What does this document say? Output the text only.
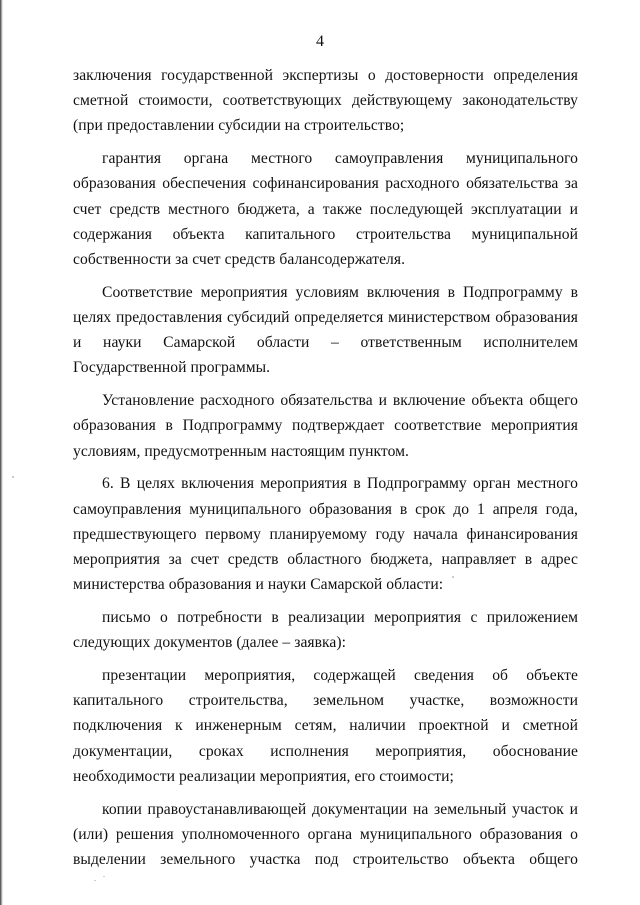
4

заключения государственной экспертизы о достоверности определения сметной стоимости, соответствующих действующему законодательству (при предоставлении субсидии на строительство;

гарантия органа местного самоуправления муниципального образования обеспечения софинансирования расходного обязательства за счет средств местного бюджета, а также последующей эксплуатации и содержания объекта капитального строительства муниципальной собственности за счет средств балансодержателя.

Соответствие мероприятия условиям включения в Подпрограмму в целях предоставления субсидий определяется министерством образования и науки Самарской области – ответственным исполнителем Государственной программы.

Установление расходного обязательства и включение объекта общего образования в Подпрограмму подтверждает соответствие мероприятия условиям, предусмотренным настоящим пунктом.

6. В целях включения мероприятия в Подпрограмму орган местного самоуправления муниципального образования в срок до 1 апреля года, предшествующего первому планируемому году начала финансирования мероприятия за счет средств областного бюджета, направляет в адрес министерства образования и науки Самарской области:

письмо о потребности в реализации мероприятия с приложением следующих документов (далее – заявка):

презентации мероприятия, содержащей сведения об объекте капитального строительства, земельном участке, возможности подключения к инженерным сетям, наличии проектной и сметной документации, сроках исполнения мероприятия, обоснование необходимости реализации мероприятия, его стоимости;

копии правоустанавливающей документации на земельный участок и (или) решения уполномоченного органа муниципального образования о выделении земельного участка под строительство объекта общего
